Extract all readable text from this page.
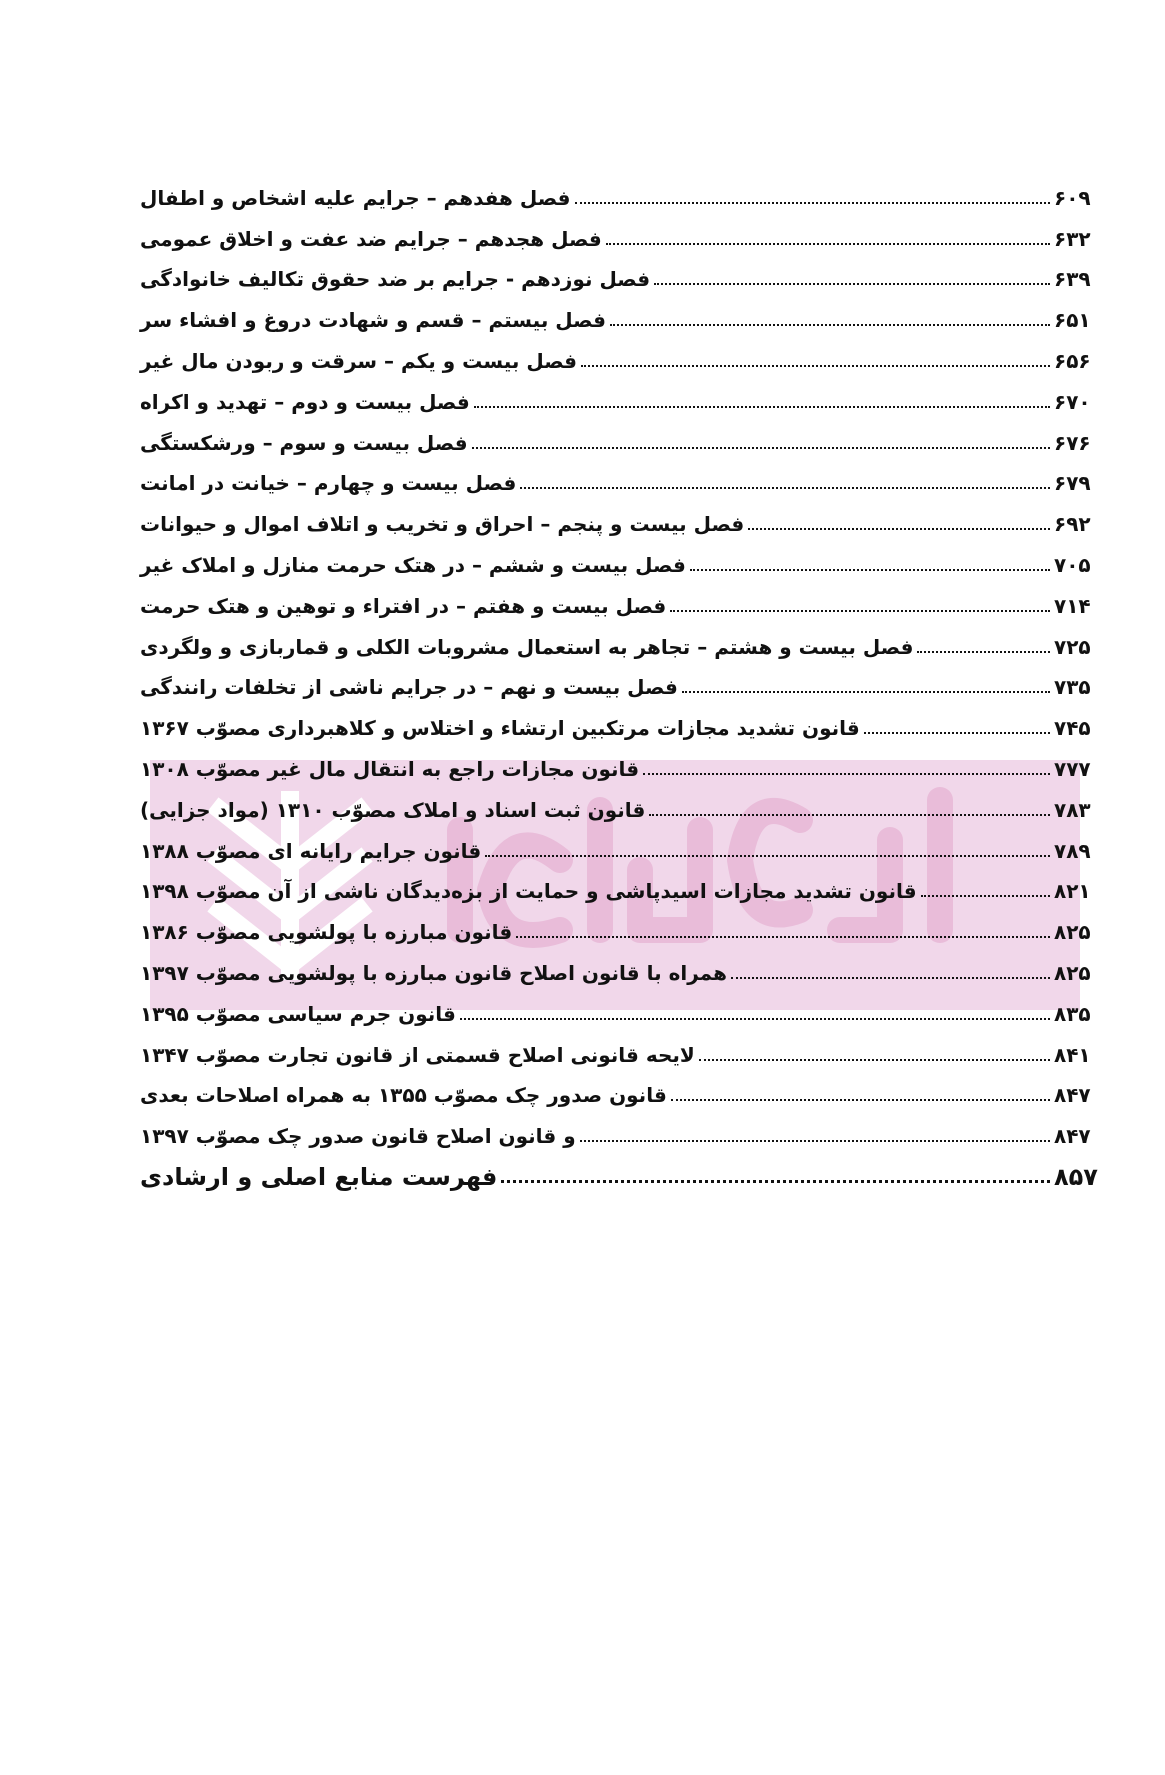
فصل هفدهم – جرایم علیه اشخاص و اطفال	۶۰۹
فصل هجدهم – جرایم ضد عفت و اخلاق عمومی	۶۳۲
فصل نوزدهم - جرایم بر ضد حقوق تکالیف خانوادگی	۶۳۹
فصل بیستم – قسم و شهادت دروغ و افشاء سر	۶۵۱
فصل بیست و یکم – سرقت و ربودن مال غیر	۶۵۶
فصل بیست و دوم – تهدید و اکراه	۶۷۰
فصل بیست و سوم – ورشکستگی	۶۷۶
فصل بیست و چهارم – خیانت در امانت	۶۷۹
فصل بیست و پنجم – احراق و تخریب و اتلاف اموال و حیوانات	۶۹۲
فصل بیست و ششم – در هتک حرمت منازل و املاک غیر	۷۰۵
فصل بیست و هفتم – در افتراء و توهین و هتک حرمت	۷۱۴
فصل بیست و هشتم – تجاهر به استعمال مشروبات الکلی و قماربازی و ولگردی	۷۲۵
فصل بیست و نهم – در جرایم ناشی از تخلفات رانندگی	۷۳۵
قانون تشدید مجازات مرتکبین ارتشاء و اختلاس و کلاهبرداری مصوّب ۱۳۶۷	۷۴۵
قانون مجازات راجع به انتقال مال غیر مصوّب ۱۳۰۸	۷۷۷
قانون ثبت اسناد و املاک مصوّب ۱۳۱۰ (مواد جزایی)	۷۸۳
قانون جرایم رایانه ای مصوّب ۱۳۸۸	۷۸۹
قانون تشدید مجازات اسیدپاشی و حمایت از بزه‌دیدگان ناشی از آن مصوّب ۱۳۹۸	۸۲۱
قانون مبارزه با پولشویی مصوّب ۱۳۸۶	۸۲۵
همراه با قانون اصلاح قانون مبارزه با پولشویی مصوّب ۱۳۹۷	۸۲۵
قانون جرم سیاسی مصوّب ۱۳۹۵	۸۳۵
لایحه قانونی اصلاح قسمتی از قانون تجارت مصوّب ۱۳۴۷	۸۴۱
قانون صدور چک مصوّب ۱۳۵۵ به همراه اصلاحات بعدی	۸۴۷
و قانون اصلاح قانون صدور چک مصوّب ۱۳۹۷	۸۴۷
فهرست منابع اصلی و ارشادی	۸۵۷
